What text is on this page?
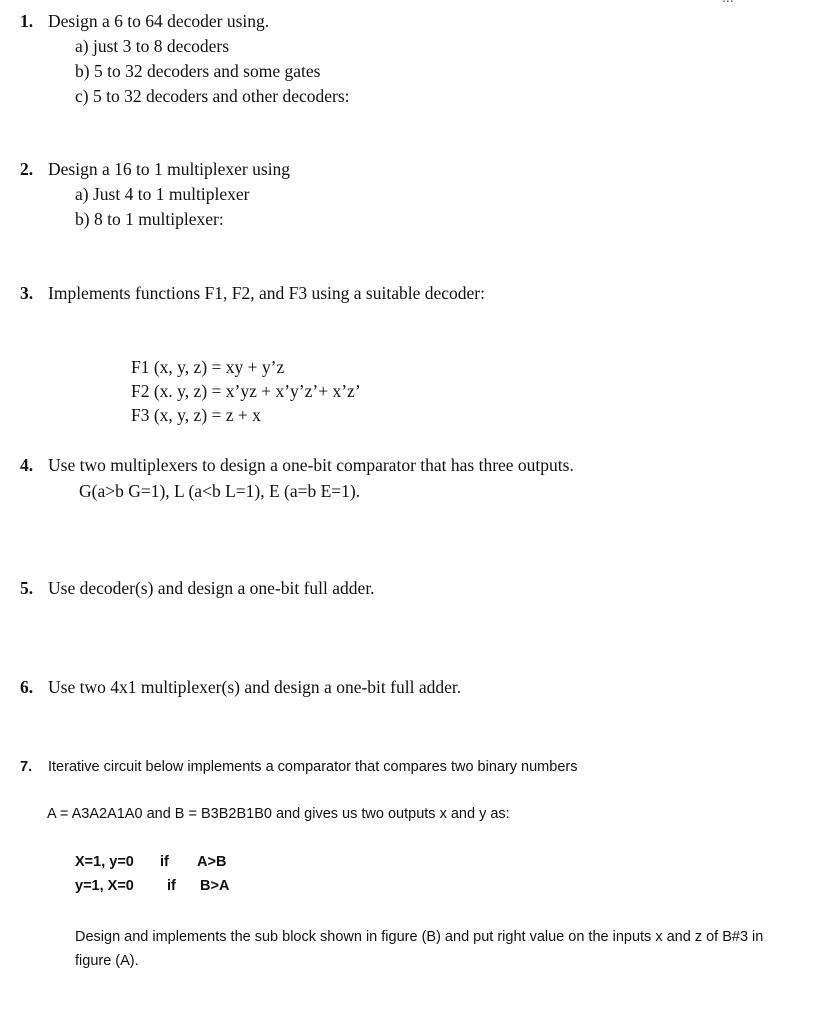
1. Design a 6 to 64 decoder using.
a) just 3 to 8 decoders
b) 5 to 32 decoders and some gates
c) 5 to 32 decoders and other decoders:
2. Design a 16 to 1 multiplexer using
a) Just 4 to 1 multiplexer
b) 8 to 1 multiplexer:
3. Implements functions F1, F2, and F3 using a suitable decoder:
F1 (x, y, z) = xy + y’z
F2 (x. y, z) = x’yz + x’y’z’+ x’z’
F3 (x, y, z) = z + x
4. Use two multiplexers to design a one-bit comparator that has three outputs.
G(a>b G=1), L (a<b L=1), E (a=b E=1).
5. Use decoder(s) and design a one-bit full adder.
6. Use two 4x1 multiplexer(s) and design a one-bit full adder.
7. Iterative circuit below implements a comparator that compares two binary numbers
A = A3A2A1A0 and B = B3B2B1B0 and gives us two outputs x and y as:
X=1, y=0 if A>B
y=1, X=0 if B>A
Design and implements the sub block shown in figure (B) and put right value on the inputs x and z of B#3 in figure (A).
